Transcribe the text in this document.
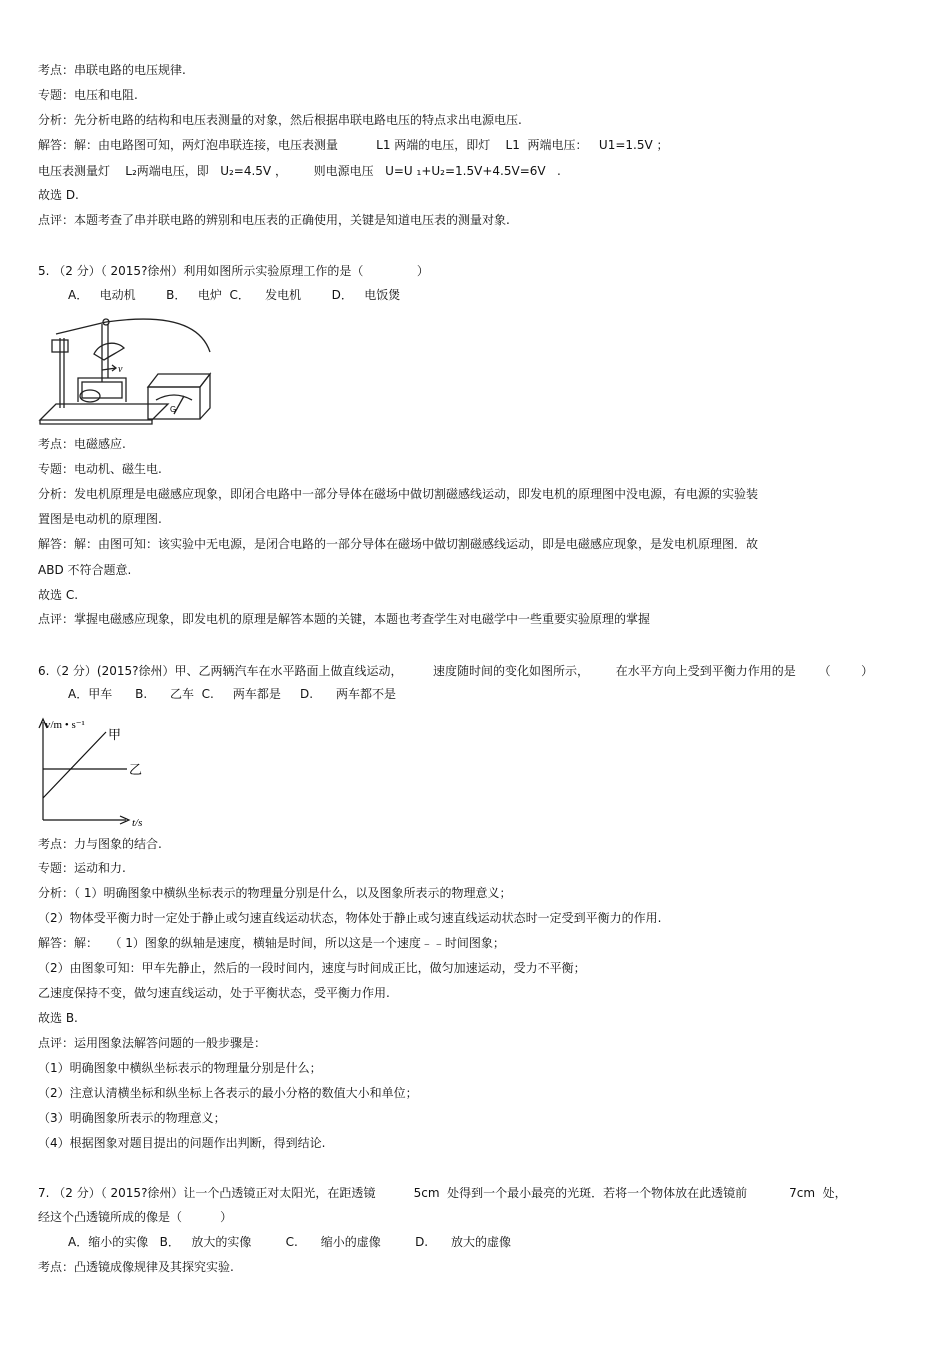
考点：串联电路的电压规律.
专题：电压和电阻.
分析：先分析电路的结构和电压表测量的对象，然后根据串联电路电压的特点求出电源电压.
解答：解：由电路图可知，两灯泡串联连接，电压表测量          L1 两端的电压，即灯    L1  两端电压：   U1=1.5V ；
电压表测量灯    L₂两端电压，即   U₂=4.5V ，       则电源电压   U=U ₁+U₂=1.5V+4.5V=6V   .
故选 D.
点评：本题考查了串并联电路的辨别和电压表的正确使用，关键是知道电压表的测量对象.
5. （2 分）（ 2015?徐州）利用如图所示实验原理工作的是（              ）
A．   电动机        B．   电炉  C．    发电机        D．   电饭煲
v
G
考点：电磁感应.
专题：电动机、磁生电.
分析：发电机原理是电磁感应现象，即闭合电路中一部分导体在磁场中做切割磁感线运动，即发电机的原理图中没电源，有电源的实验装
置图是电动机的原理图.
解答：解：由图可知：该实验中无电源，是闭合电路的一部分导体在磁场中做切割磁感线运动，即是电磁感应现象，是发电机原理图．故
ABD 不符合题意.
故选 C.
点评：掌握电磁感应现象，即发电机的原理是解答本题的关键，本题也考查学生对电磁学中一些重要实验原理的掌握
6.（2 分）(2015?徐州）甲、乙两辆汽车在水平路面上做直线运动，        速度随时间的变化如图所示，       在水平方向上受到平衡力作用的是      （        ）
A．甲车      B.      乙车  C.     两车都是     D.      两车都不是
v/m • s⁻¹
甲
乙
t/s
考点：力与图象的结合.
专题：运动和力.
分析：（ 1）明确图象中横纵坐标表示的物理量分别是什么，以及图象所表示的物理意义；
（2）物体受平衡力时一定处于静止或匀速直线运动状态，物体处于静止或匀速直线运动状态时一定受到平衡力的作用.
解答：解：   （ 1）图象的纵轴是速度，横轴是时间，所以这是一个速度﹣﹣时间图象；
（2）由图象可知：甲车先静止，然后的一段时间内，速度与时间成正比，做匀加速运动，受力不平衡；
乙速度保持不变，做匀速直线运动，处于平衡状态，受平衡力作用.
故选 B.
点评：运用图象法解答问题的一般步骤是：
（1）明确图象中横纵坐标表示的物理量分别是什么；
（2）注意认清横坐标和纵坐标上各表示的最小分格的数值大小和单位；
（3）明确图象所表示的物理意义；
（4）根据图象对题目提出的问题作出判断，得到结论.
7. （2 分）（ 2015?徐州）让一个凸透镜正对太阳光，在距透镜          5cm  处得到一个最小最亮的光斑．若将一个物体放在此透镜前           7cm  处，
经这个凸透镜所成的像是（          ）
A．缩小的实像   B．   放大的实像         C.      缩小的虚像         D.      放大的虚像
考点：凸透镜成像规律及其探究实验.
